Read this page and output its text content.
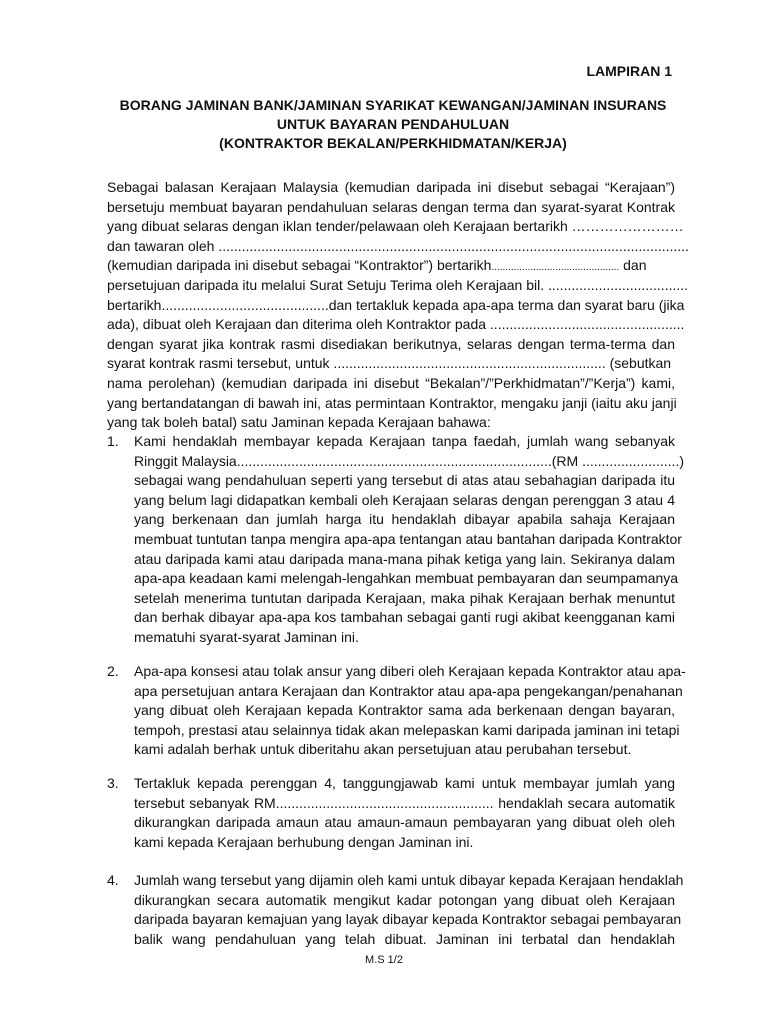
LAMPIRAN 1
BORANG JAMINAN BANK/JAMINAN SYARIKAT KEWANGAN/JAMINAN INSURANS
UNTUK BAYARAN PENDAHULUAN
(KONTRAKTOR BEKALAN/PERKHIDMATAN/KERJA)
Sebagai balasan Kerajaan Malaysia (kemudian daripada ini disebut sebagai “Kerajaan”)
bersetuju membuat bayaran pendahuluan selaras dengan terma dan syarat-syarat Kontrak
yang dibuat selaras dengan iklan tender/pelawaan oleh Kerajaan bertarikh ……………………
dan tawaran oleh .........................................................................................................................
(kemudian daripada ini disebut sebagai “Kontraktor”) bertarikh.............................................. dan
persetujuan daripada itu melalui Surat Setuju Terima oleh Kerajaan bil. ....................................
bertarikh...........................................dan tertakluk kepada apa-apa terma dan syarat baru (jika
ada), dibuat oleh Kerajaan dan diterima oleh Kontraktor pada ..................................................
dengan syarat jika kontrak rasmi disediakan berikutnya, selaras dengan terma-terma dan
syarat kontrak rasmi tersebut, untuk ...................................................................... (sebutkan
nama perolehan) (kemudian daripada ini disebut “Bekalan”/”Perkhidmatan”/”Kerja”) kami,
yang bertandatangan di bawah ini, atas permintaan Kontraktor, mengaku janji (iaitu aku janji
yang tak boleh batal) satu Jaminan kepada Kerajaan bahawa:
1.	Kami hendaklah membayar kepada Kerajaan tanpa faedah, jumlah wang sebanyak
Ringgit Malaysia.................................................................................(RM .........................)
sebagai wang pendahuluan seperti yang tersebut di atas atau sebahagian daripada itu
yang belum lagi didapatkan kembali oleh Kerajaan selaras dengan perenggan 3 atau 4
yang berkenaan dan jumlah harga itu hendaklah dibayar apabila sahaja Kerajaan
membuat tuntutan tanpa mengira apa-apa tentangan atau bantahan daripada Kontraktor
atau daripada kami atau daripada mana-mana pihak ketiga yang lain. Sekiranya dalam
apa-apa keadaan kami melengah-lengahkan membuat pembayaran dan seumpamanya
setelah menerima tuntutan daripada Kerajaan, maka pihak Kerajaan berhak menuntut
dan berhak dibayar apa-apa kos tambahan sebagai ganti rugi akibat keengganan kami
mematuhi syarat-syarat Jaminan ini.
2.	Apa-apa konsesi atau tolak ansur yang diberi oleh Kerajaan kepada Kontraktor atau apa-
apa persetujuan antara Kerajaan dan Kontraktor atau apa-apa pengekangan/penahanan
yang dibuat oleh Kerajaan kepada Kontraktor sama ada berkenaan dengan bayaran,
tempoh, prestasi atau selainnya tidak akan melepaskan kami daripada jaminan ini tetapi
kami adalah berhak untuk diberitahu akan persetujuan atau perubahan tersebut.
3.	Tertakluk kepada perenggan 4, tanggungjawab kami untuk membayar jumlah yang
tersebut sebanyak RM........................................................ hendaklah secara automatik
dikurangkan daripada amaun atau amaun-amaun pembayaran yang dibuat oleh oleh
kami kepada Kerajaan berhubung dengan Jaminan ini.
4.	Jumlah wang tersebut yang dijamin oleh kami untuk dibayar kepada Kerajaan hendaklah
dikurangkan secara automatik mengikut kadar potongan yang dibuat oleh Kerajaan
daripada bayaran kemajuan yang layak dibayar kepada Kontraktor sebagai pembayaran
balik wang pendahuluan yang telah dibuat. Jaminan ini terbatal dan hendaklah
M.S 1/2
